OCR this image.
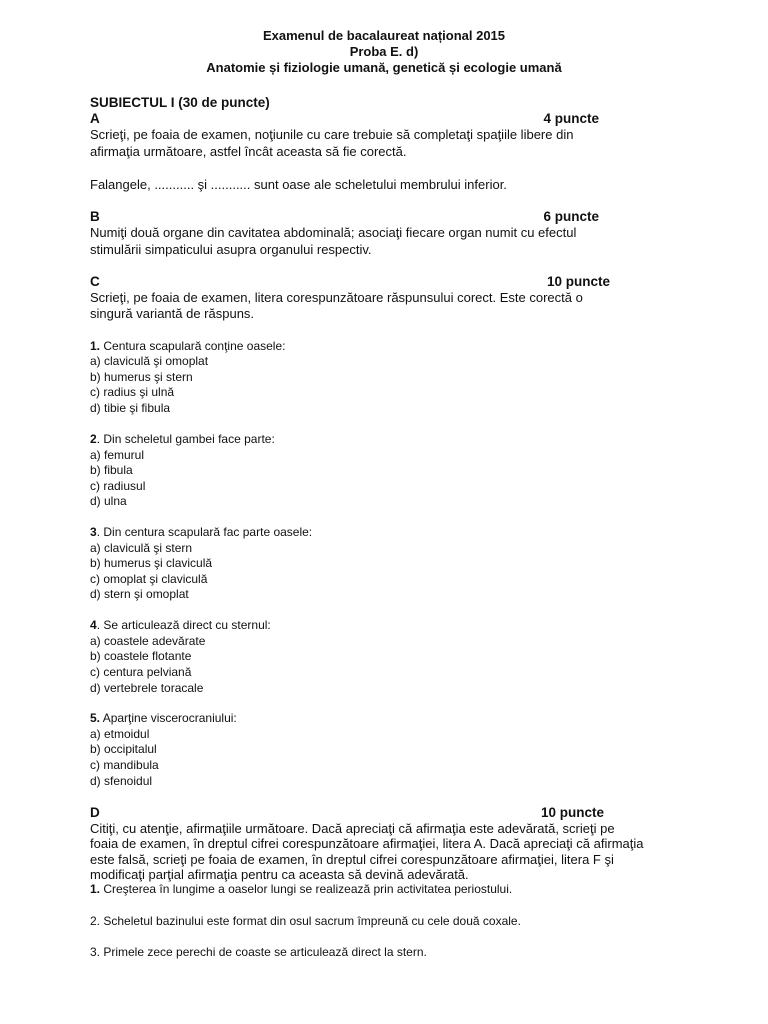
Examenul de bacalaureat național 2015
Proba E. d)
Anatomie și fiziologie umană, genetică și ecologie umană
SUBIECTUL I (30 de puncte)
A	4 puncte
Scrieţi, pe foaia de examen, noţiunile cu care trebuie să completaţi spaţiile libere din
afirmaţia următoare, astfel încât aceasta să fie corectă.
Falangele, ........... şi ........... sunt oase ale scheletului membrului inferior.
B	6 puncte
Numiţi două organe din cavitatea abdominală; asociaţi fiecare organ numit cu efectul
stimulării simpaticului asupra organului respectiv.
C	10 puncte
Scrieţi, pe foaia de examen, litera corespunzătoare răspunsului corect. Este corectă o
singură variantă de răspuns.
1. Centura scapulară conţine oasele:
a) claviculă şi omoplat
b) humerus şi stern
c) radius şi ulnă
d) tibie şi fibula
2. Din scheletul gambei face parte:
a) femurul
b) fibula
c) radiusul
d) ulna
3. Din centura scapulară fac parte oasele:
a) claviculă şi stern
b) humerus şi claviculă
c) omoplat şi claviculă
d) stern şi omoplat
4. Se articulează direct cu sternul:
a) coastele adevărate
b) coastele flotante
c) centura pelviană
d) vertebrele toracale
5. Aparţine viscerocraniului:
a) etmoidul
b) occipitalul
c) mandibula
d) sfenoidul
D	10 puncte
Citiţi, cu atenţie, afirmaţiile următoare. Dacă apreciaţi că afirmaţia este adevărată, scrieţi pe
foaia de examen, în dreptul cifrei corespunzătoare afirmaţiei, litera A. Dacă apreciaţi că afirmaţia
este falsă, scrieţi pe foaia de examen, în dreptul cifrei corespunzătoare afirmaţiei, litera F şi
modificaţi parţial afirmaţia pentru ca aceasta să devină adevărată.
1. Creşterea în lungime a oaselor lungi se realizează prin activitatea periostului.
2. Scheletul bazinului este format din osul sacrum împreună cu cele două coxale.
3. Primele zece perechi de coaste se articulează direct la stern.
